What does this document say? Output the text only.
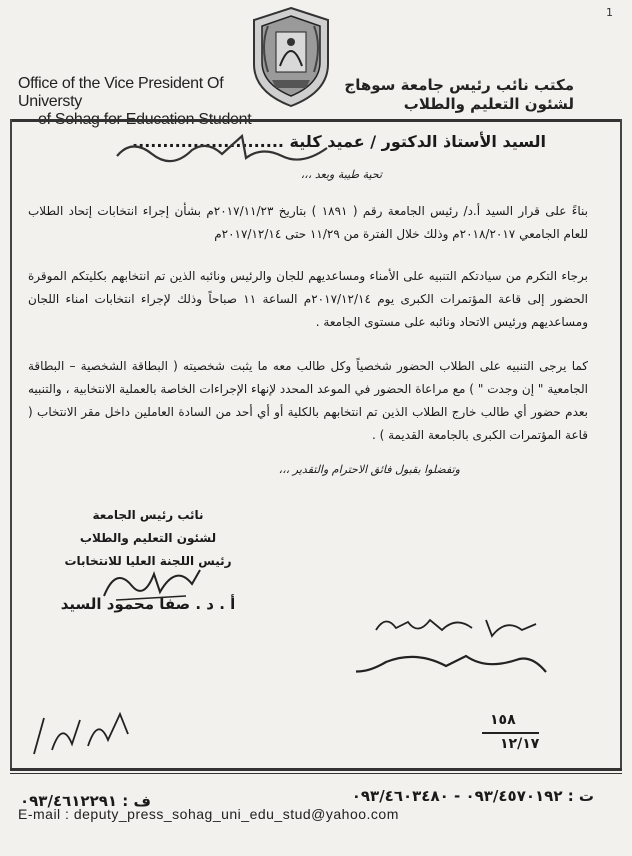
1
Office of the Vice President Of Universty
of Sohag for Education Student
مكتب نائب رئيس جامعة سوهاج
لشئون التعليم والطلاب
السيد الأستاذ الدكتور / عميد كلية .........................
تحية طيبة وبعد ،،،
بناءً على قرار السيد أ.د/ رئيس الجامعة رقم ( ١٨٩١ ) بتاريخ ٢٠١٧/١١/٢٣م بشأن إجراء انتخابات إتحاد الطلاب للعام الجامعي ٢٠١٨/٢٠١٧م وذلك خلال الفترة من ١١/٢٩ حتى ٢٠١٧/١٢/١٤م
برجاء التكرم من سيادتكم التنبيه على الأمناء ومساعديهم للجان والرئيس ونائبه الذين تم انتخابهم بكليتكم الموقرة الحضور إلى قاعة المؤتمرات الكبرى يوم ٢٠١٧/١٢/١٤م الساعة ١١ صباحاً وذلك لإجراء انتخابات امناء اللجان ومساعديهم ورئيس الاتحاد ونائبه على مستوى الجامعة .
كما يرجى التنبيه على الطلاب الحضور شخصياً وكل طالب معه ما يثبت شخصيته ( البطاقة الشخصية – البطاقة الجامعية " إن وجدت " ) مع مراعاة الحضور في الموعد المحدد لإنهاء الإجراءات الخاصة بالعملية الانتخابية ، والتنبيه بعدم حضور أي طالب خارج الطلاب الذين تم انتخابهم بالكلية أو أي أحد من السادة العاملين داخل مقر الانتخاب ( قاعة المؤتمرات الكبرى بالجامعة القديمة ) .
وتفضلوا بقبول فائق الاحترام والتقدير ،،،
نائب رئيس الجامعة
لشئون التعليم والطلاب
رئيس اللجنة العليا للانتخابات
أ . د . صفا محمود السيد
١٥٨
١٢/١٧
ف : ٠٩٣/٤٦١٢٢٩١	ت : ٠٩٣/٤٥٧٠١٩٢ - ٠٩٣/٤٦٠٣٤٨٠
E-mail : deputy_press_sohag_uni_edu_stud@yahoo.com
